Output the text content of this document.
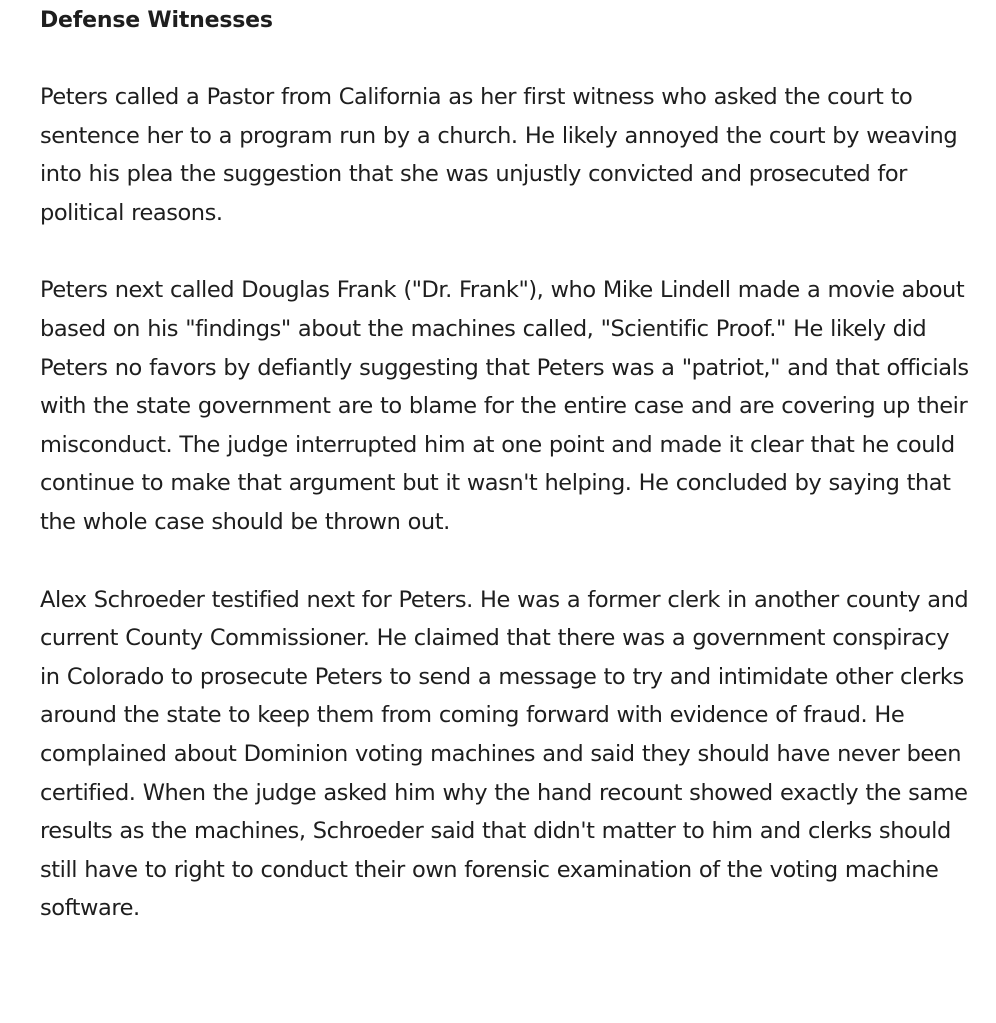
Defense Witnesses

Peters called a Pastor from California as her first witness who asked the court to sentence her to a program run by a church. He likely annoyed the court by weaving into his plea the suggestion that she was unjustly convicted and prosecuted for political reasons.

Peters next called Douglas Frank ("Dr. Frank"), who Mike Lindell made a movie about based on his "findings" about the machines called, "Scientific Proof." He likely did Peters no favors by defiantly suggesting that Peters was a "patriot," and that officials with the state government are to blame for the entire case and are covering up their misconduct. The judge interrupted him at one point and made it clear that he could continue to make that argument but it wasn't helping. He concluded by saying that the whole case should be thrown out.

Alex Schroeder testified next for Peters. He was a former clerk in another county and current County Commissioner. He claimed that there was a government conspiracy in Colorado to prosecute Peters to send a message to try and intimidate other clerks around the state to keep them from coming forward with evidence of fraud. He complained about Dominion voting machines and said they should have never been certified. When the judge asked him why the hand recount showed exactly the same results as the machines, Schroeder said that didn't matter to him and clerks should still have to right to conduct their own forensic examination of the voting machine software.
